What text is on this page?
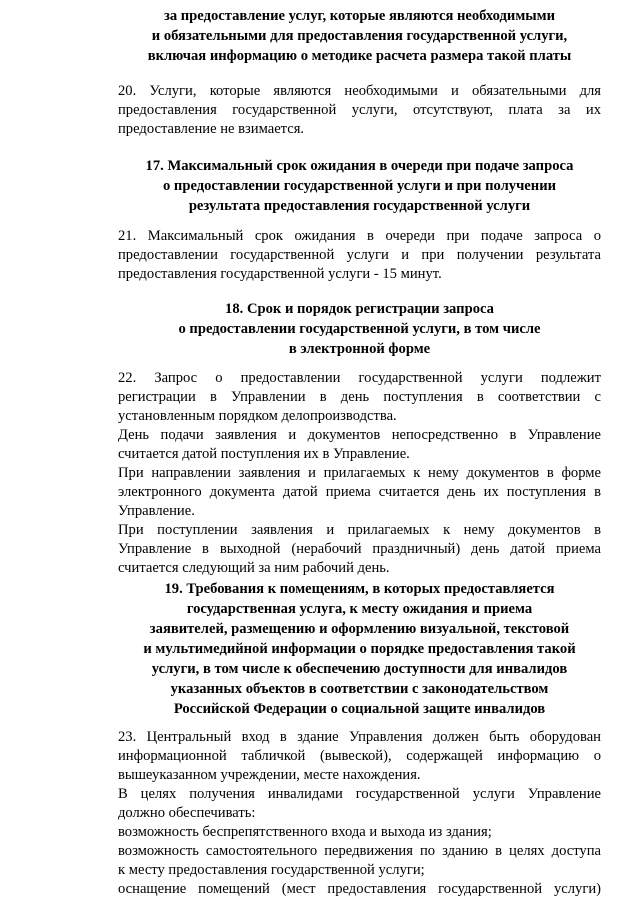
за предоставление услуг, которые являются необходимыми
и обязательными для предоставления государственной услуги,
включая информацию о методике расчета размера такой платы

20. Услуги, которые являются необходимыми и обязательными для
предоставления государственной услуги, отсутствуют, плата за их
предоставление не взимается.

17. Максимальный срок ожидания в очереди при подаче запроса
о предоставлении государственной услуги и при получении
результата предоставления государственной услуги

21. Максимальный срок ожидания в очереди при подаче запроса о
предоставлении государственной услуги и при получении результата
предоставления государственной услуги - 15 минут.

18. Срок и порядок регистрации запроса
о предоставлении государственной услуги, в том числе
в электронной форме

22. Запрос о предоставлении государственной услуги подлежит
регистрации в Управлении в день поступления в соответствии с
установленным порядком делопроизводства.
День подачи заявления и документов непосредственно в Управление
считается датой поступления их в Управление.
При направлении заявления и прилагаемых к нему документов в форме
электронного документа датой приема считается день их поступления в
Управление.
При поступлении заявления и прилагаемых к нему документов в
Управление в выходной (нерабочий праздничный) день датой приема
считается следующий за ним рабочий день.

19. Требования к помещениям, в которых предоставляется
государственная услуга, к месту ожидания и приема
заявителей, размещению и оформлению визуальной, текстовой
и мультимедийной информации о порядке предоставления такой
услуги, в том числе к обеспечению доступности для инвалидов
указанных объектов в соответствии с законодательством
Российской Федерации о социальной защите инвалидов

23. Центральный вход в здание Управления должен быть оборудован
информационной табличкой (вывеской), содержащей информацию о
вышеуказанном учреждении, месте нахождения.
В целях получения инвалидами государственной услуги Управление
должно обеспечивать:
возможность беспрепятственного входа и выхода из здания;
возможность самостоятельного передвижения по зданию в целях доступа
к месту предоставления государственной услуги;
оснащение помещений (мест предоставления государственной услуги)
